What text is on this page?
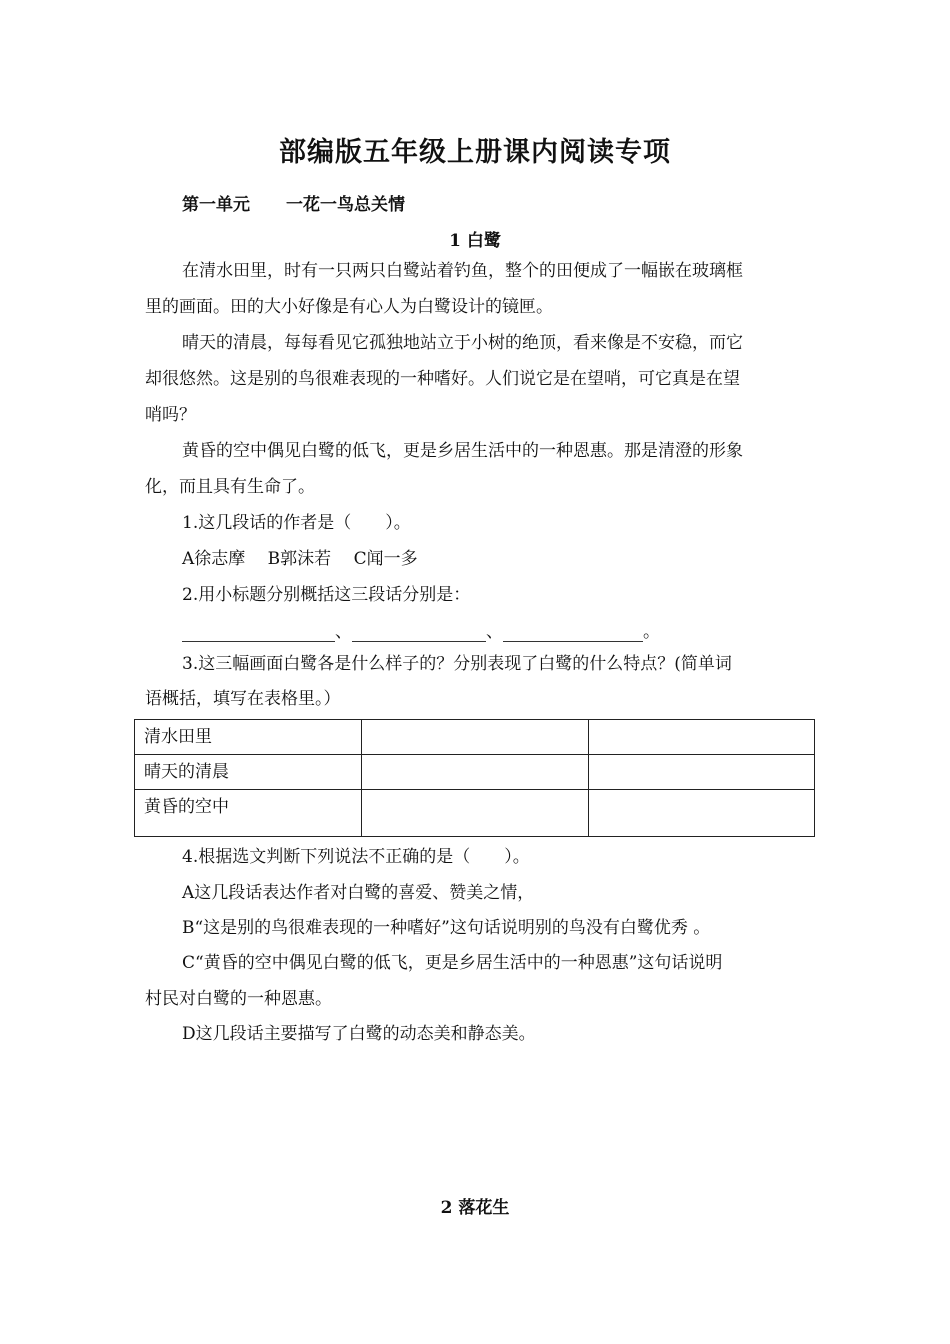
部编版五年级上册课内阅读专项
第一单元 一花一鸟总关情
1 白鹭
在清水田里，时有一只两只白鹭站着钓鱼，整个的田便成了一幅嵌在玻璃框
里的画面。田的大小好像是有心人为白鹭设计的镜匣。
晴天的清晨，每每看见它孤独地站立于小树的绝顶，看来像是不安稳，而它
却很悠然。这是别的鸟很难表现的一种嗜好。人们说它是在望哨，可它真是在望
哨吗？
黄昏的空中偶见白鹭的低飞，更是乡居生活中的一种恩惠。那是清澄的形象
化，而且具有生命了。
1.这几段话的作者是（　　）。
A徐志摩　 B郭沫若　 C闻一多
2.用小标题分别概括这三段话分别是：
、	、	。
3.这三幅画面白鹭各是什么样子的？分别表现了白鹭的什么特点？(简单词
语概括，填写在表格里。）
清水田里		
晴天的清晨		
黄昏的空中		
4.根据选文判断下列说法不正确的是（　　）。
A这几段话表达作者对白鹭的喜爱、赞美之情，
B“这是别的鸟很难表现的一种嗜好”这句话说明别的鸟没有白鹭优秀 。
C“黄昏的空中偶见白鹭的低飞，更是乡居生活中的一种恩惠”这句话说明
村民对白鹭的一种恩惠。
D这几段话主要描写了白鹭的动态美和静态美。
2 落花生
